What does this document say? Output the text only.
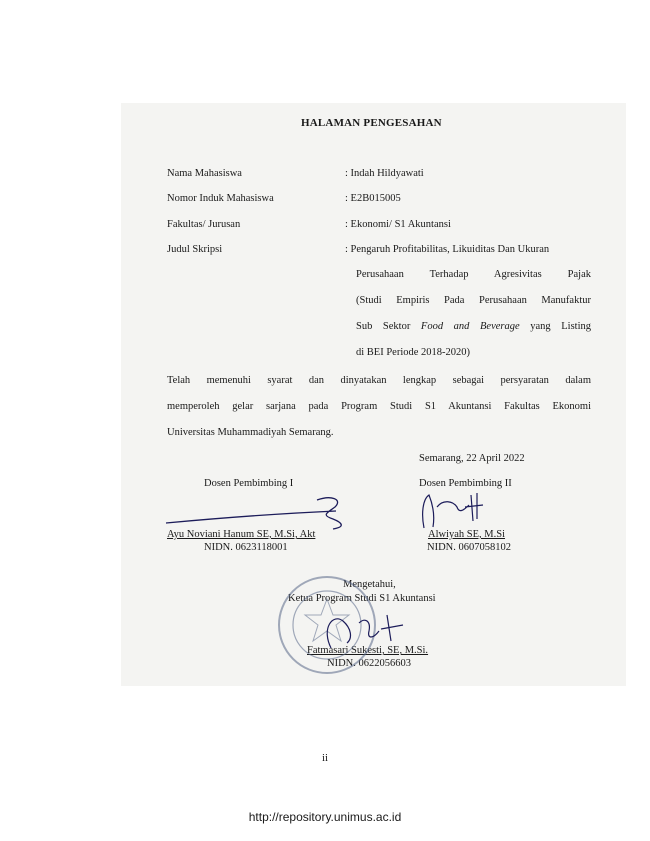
HALAMAN PENGESAHAN
Nama Mahasiswa	: Indah Hildyawati
Nomor Induk Mahasiswa	: E2B015005
Fakultas/ Jurusan	: Ekonomi/ S1 Akuntansi
Judul Skripsi	: Pengaruh Profitabilitas, Likuiditas Dan Ukuran
Perusahaan Terhadap Agresivitas Pajak
(Studi Empiris Pada Perusahaan Manufaktur
Sub Sektor Food and Beverage yang Listing
di BEI Periode 2018-2020)
Telah memenuhi syarat dan dinyatakan lengkap sebagai persyaratan dalam
memperoleh gelar sarjana pada Program Studi S1 Akuntansi Fakultas Ekonomi
Universitas Muhammadiyah Semarang.
Semarang, 22 April 2022
Dosen Pembimbing I	Dosen Pembimbing II
Ayu Noviani Hanum SE, M.Si, Akt
NIDN. 0623118001
Alwiyah SE, M.Si
NIDN. 0607058102
Mengetahui,
Ketua Program Studi S1 Akuntansi
Fatmasari Sukesti, SE, M.Si.
NIDN. 0622056603
ii
http://repository.unimus.ac.id
